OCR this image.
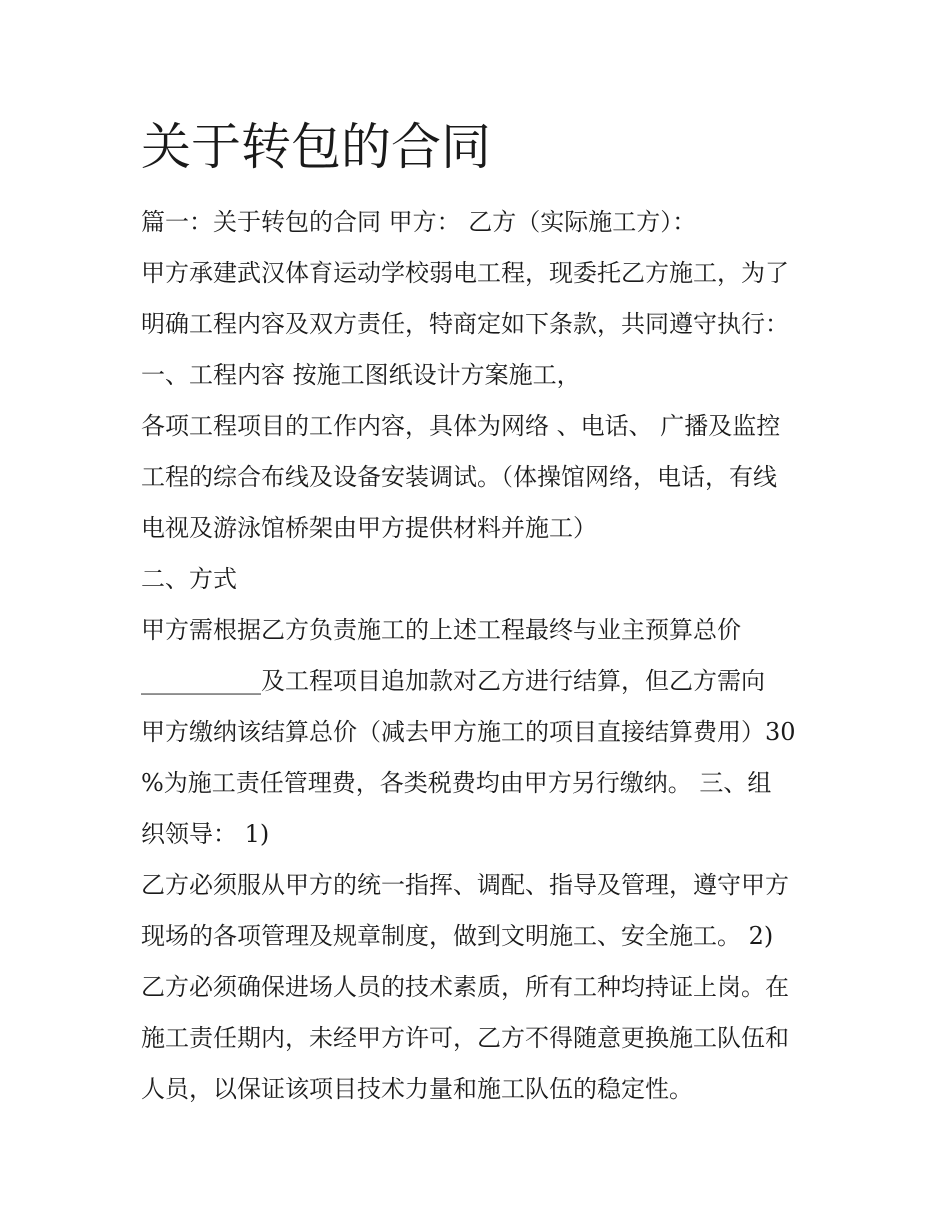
关于转包的合同

篇一：关于转包的合同 甲方： 乙方（实际施工方）：

甲方承建武汉体育运动学校弱电工程，现委托乙方施工，为了

明确工程内容及双方责任，特商定如下条款，共同遵守执行：

一、工程内容 按施工图纸设计方案施工，

各项工程项目的工作内容，具体为网络 、电话、 广播及监控

工程的综合布线及设备安装调试。（体操馆网络，电话，有线

电视及游泳馆桥架由甲方提供材料并施工）

二、方式

甲方需根据乙方负责施工的上述工程最终与业主预算总价

__________及工程项目追加款对乙方进行结算，但乙方需向

甲方缴纳该结算总价（减去甲方施工的项目直接结算费用）30

%为施工责任管理费，各类税费均由甲方另行缴纳。 三、组

织领导： 1)

乙方必须服从甲方的统一指挥、调配、指导及管理，遵守甲方

现场的各项管理及规章制度，做到文明施工、安全施工。 2)

乙方必须确保进场人员的技术素质，所有工种均持证上岗。在

施工责任期内，未经甲方许可，乙方不得随意更换施工队伍和

人员，以保证该项目技术力量和施工队伍的稳定性。
